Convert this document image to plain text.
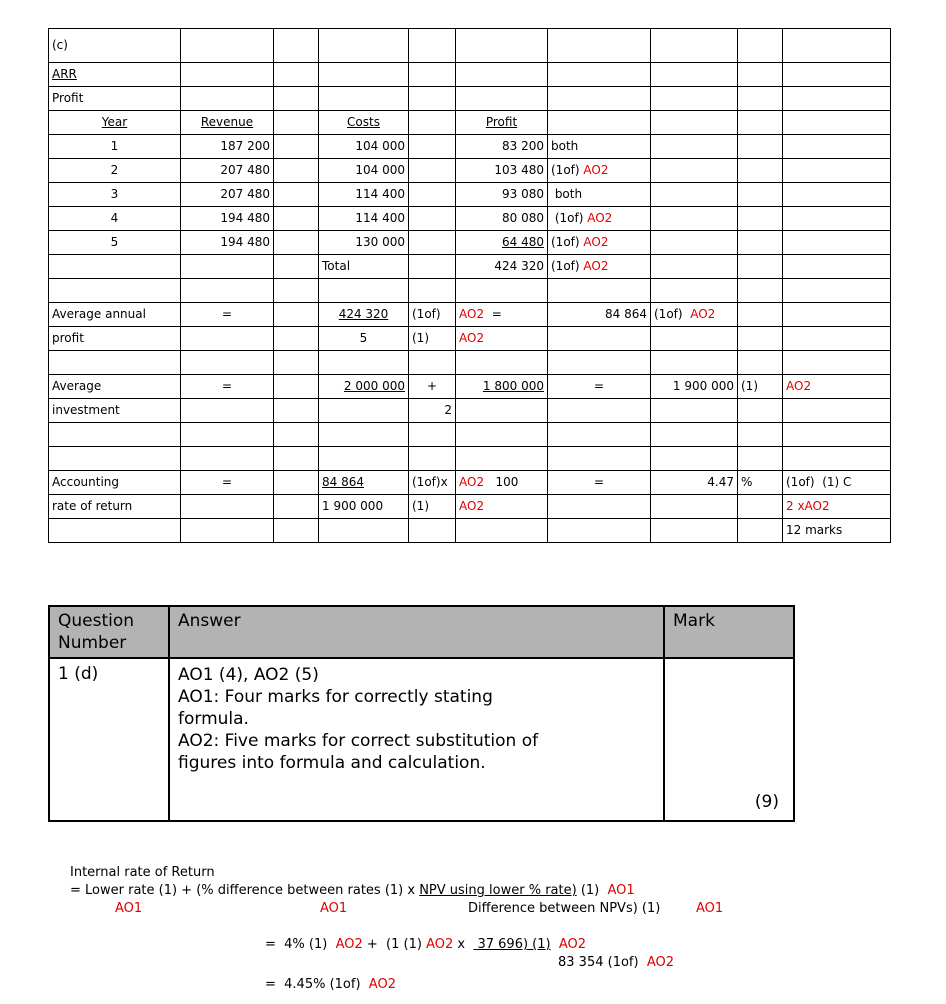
(c)									
ARR									
Profit									
Year	Revenue		Costs		Profit				
1	187 200		104 000		83 200	both			
2	207 480		104 000		103 480	(1of) AO2			
3	207 480		114 400		93 080	both			
4	194 480		114 400		80 080	(1of) AO2			
5	194 480		130 000		64 480	(1of) AO2			
			Total		424 320	(1of) AO2			

Average annual	=		424 320	(1of)	AO2  =	84 864	(1of)  AO2		
profit			5	(1)	AO2				

Average	=		2 000 000	+	1 800 000	=	1 900 000	(1)	AO2
investment				2					

Accounting	=		84 864	(1of)x	AO2   100	=	4.47	%	(1of)  (1) C
rate of return			1 900 000	(1)	AO2				2 xAO2
									12 marks
Question Number	Answer	Mark
1 (d)	AO1 (4), AO2 (5)
AO1: Four marks for correctly stating
formula.
AO2: Five marks for correct substitution of
figures into formula and calculation.	(9)
Internal rate of Return
= Lower rate (1) + (% difference between rates (1) x NPV using lower % rate) (1)  AO1
AO1	AO1	Difference between NPVs) (1)	AO1
=  4% (1)  AO2 +  (1 (1) AO2 x   37 696) (1) AO2
83 354 (1of)  AO2
=  4.45% (1of)  AO2
